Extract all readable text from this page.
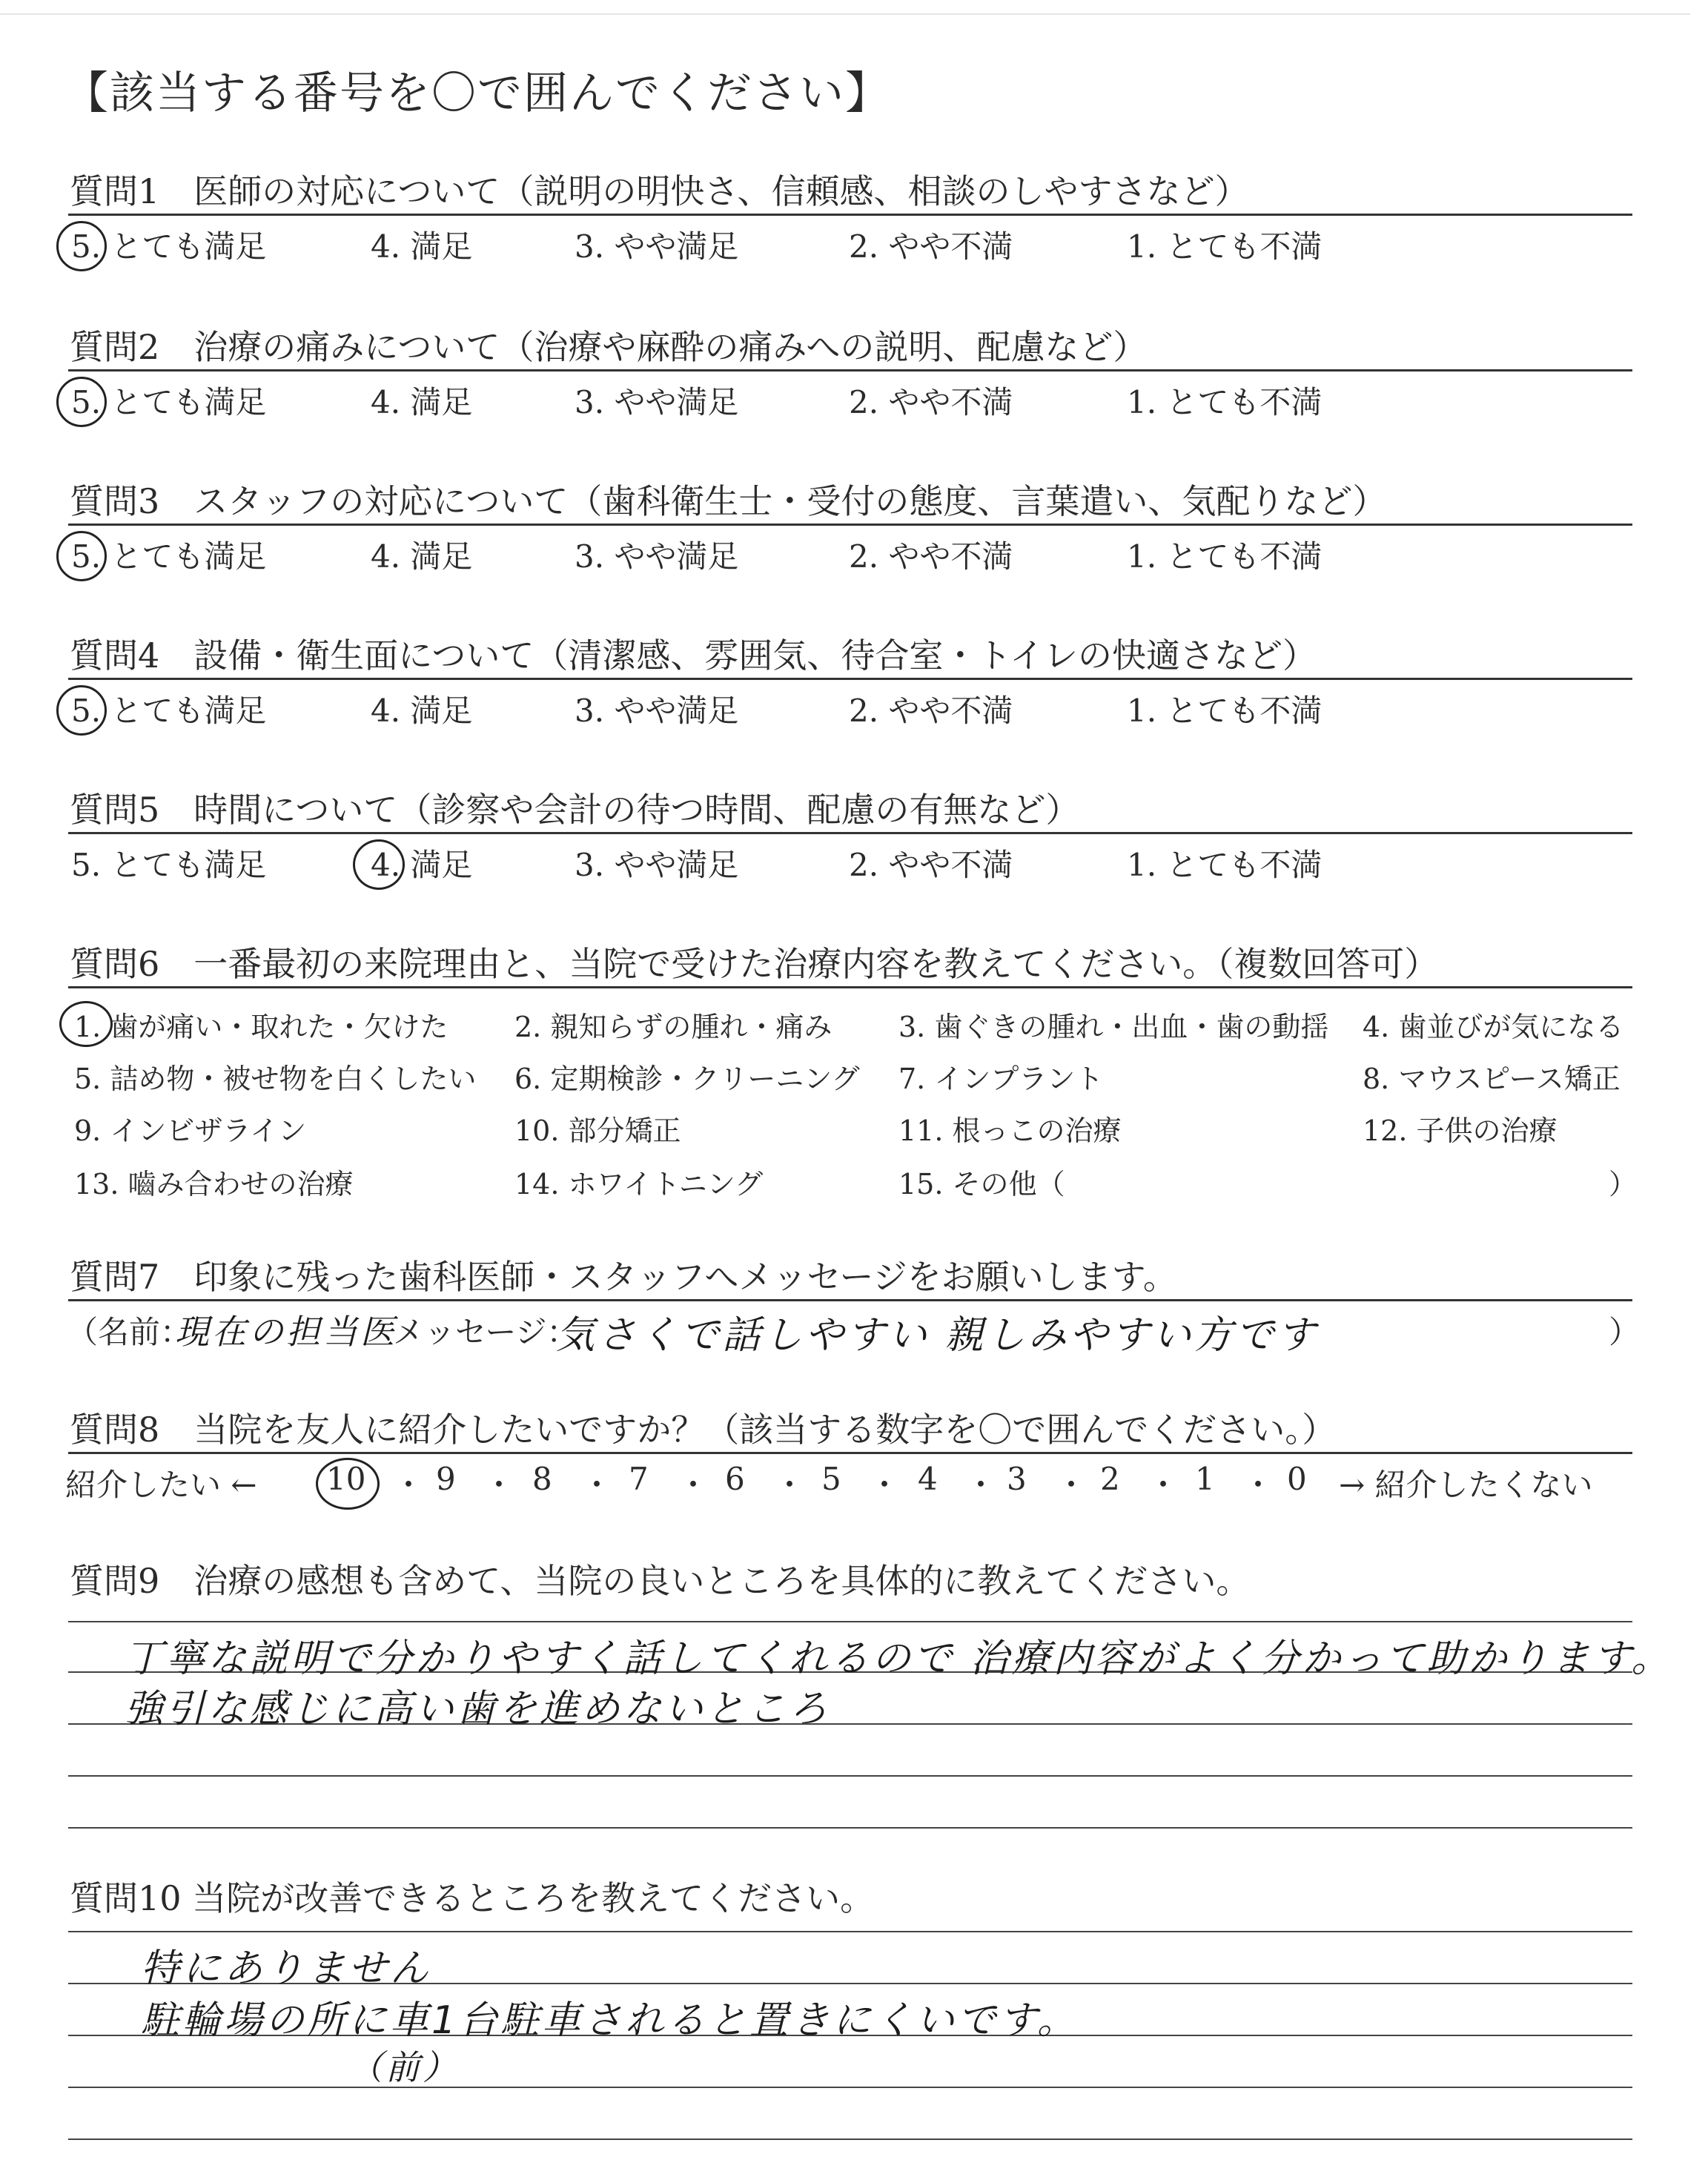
【該当する番号を〇で囲んでください】
質問1　医師の対応について（説明の明快さ、信頼感、相談のしやすさなど）
5. とても満足	4. 満足	3. やや満足	2. やや不満	1. とても不満
質問2　治療の痛みについて（治療や麻酔の痛みへの説明、配慮など）
5. とても満足	4. 満足	3. やや満足	2. やや不満	1. とても不満
質問3　スタッフの対応について（歯科衛生士・受付の態度、言葉遣い、気配りなど）
5. とても満足	4. 満足	3. やや満足	2. やや不満	1. とても不満
質問4　設備・衛生面について（清潔感、雰囲気、待合室・トイレの快適さなど）
5. とても満足	4. 満足	3. やや満足	2. やや不満	1. とても不満
質問5　時間について（診察や会計の待つ時間、配慮の有無など）
5. とても満足	4. 満足	3. やや満足	2. やや不満	1. とても不満
質問6　一番最初の来院理由と、当院で受けた治療内容を教えてください。（複数回答可）
1. 歯が痛い・取れた・欠けた 2. 親知らずの腫れ・痛み 3. 歯ぐきの腫れ・出血・歯の動揺 4. 歯並びが気になる
5. 詰め物・被せ物を白くしたい 6. 定期検診・クリーニング 7. インプラント	8. マウスピース矯正
9. インビザライン	10. 部分矯正	11. 根っこの治療	12. 子供の治療
13. 嚙み合わせの治療	14. ホワイトニング	15. その他（	）
質問7　印象に残った歯科医師・スタッフへメッセージをお願いします。
（名前：
現在の担当医
メッセージ：
気さくで話しやすい 親しみやすい方です	）
質問8　当院を友人に紹介したいですか？（該当する数字を〇で囲んでください。）
紹介したい ← 10 ・ 9 ・ 8 ・ 7 ・ 6 ・ 5 ・ 4 ・ 3 ・ 2 ・ 1 ・ 0 → 紹介したくない
質問9　治療の感想も含めて、当院の良いところを具体的に教えてください。
丁寧な説明で分かりやすく話してくれるので 治療内容がよく分かって助かります。
強引な感じに高い歯を進めないところ
質問10 当院が改善できるところを教えてください。
特にありません
駐輪場の所に車1台駐車されると置きにくいです。
（前）
